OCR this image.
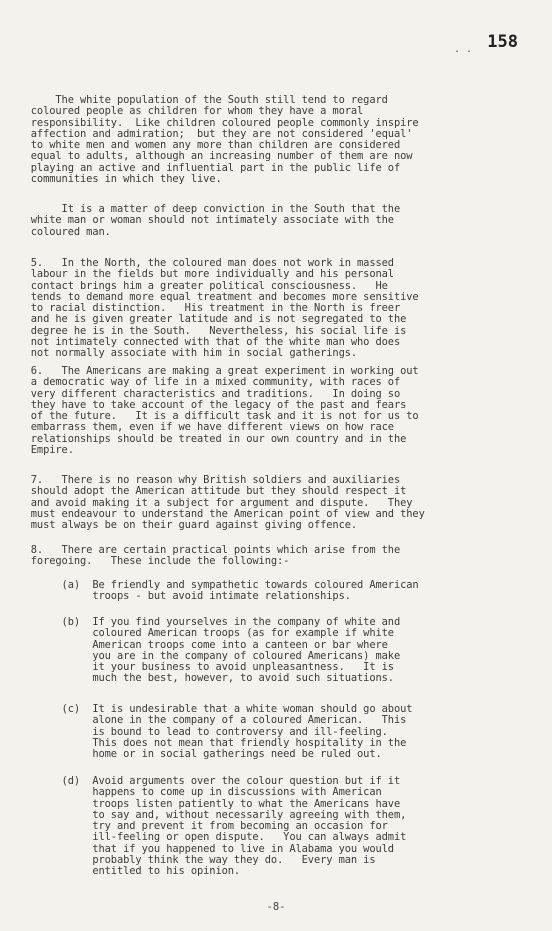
158
. .
The white population of the South still tend to regard
coloured people as children for whom they have a moral
responsibility.  Like children coloured people commonly inspire
affection and admiration;  but they are not considered 'equal'
to white men and women any more than children are considered
equal to adults, although an increasing number of them are now
playing an active and influential part in the public life of
communities in which they live.
It is a matter of deep conviction in the South that the
white man or woman should not intimately associate with the
coloured man.
5.   In the North, the coloured man does not work in massed
labour in the fields but more individually and his personal
contact brings him a greater political consciousness.   He
tends to demand more equal treatment and becomes more sensitive
to racial distinction.   His treatment in the North is freer
and he is given greater latitude and is not segregated to the
degree he is in the South.   Nevertheless, his social life is
not intimately connected with that of the white man who does
not normally associate with him in social gatherings.
6.   The Americans are making a great experiment in working out
a democratic way of life in a mixed community, with races of
very different characteristics and traditions.   In doing so
they have to take account of the legacy of the past and fears
of the future.   It is a difficult task and it is not for us to
embarrass them, even if we have different views on how race
relationships should be treated in our own country and in the
Empire.
7.   There is no reason why British soldiers and auxiliaries
should adopt the American attitude but they should respect it
and avoid making it a subject for argument and dispute.   They
must endeavour to understand the American point of view and they
must always be on their guard against giving offence.
8.   There are certain practical points which arise from the
foregoing.   These include the following:-
(a)  Be friendly and sympathetic towards coloured American
troops - but avoid intimate relationships.
(b)  If you find yourselves in the company of white and
coloured American troops (as for example if white
American troops come into a canteen or bar where
you are in the company of coloured Americans) make
it your business to avoid unpleasantness.   It is
much the best, however, to avoid such situations.
(c)  It is undesirable that a white woman should go about
alone in the company of a coloured American.   This
is bound to lead to controversy and ill-feeling.
This does not mean that friendly hospitality in the
home or in social gatherings need be ruled out.
(d)  Avoid arguments over the colour question but if it
happens to come up in discussions with American
troops listen patiently to what the Americans have
to say and, without necessarily agreeing with them,
try and prevent it from becoming an occasion for
ill-feeling or open dispute.   You can always admit
that if you happened to live in Alabama you would
probably think the way they do.   Every man is
entitled to his opinion.
-8-
